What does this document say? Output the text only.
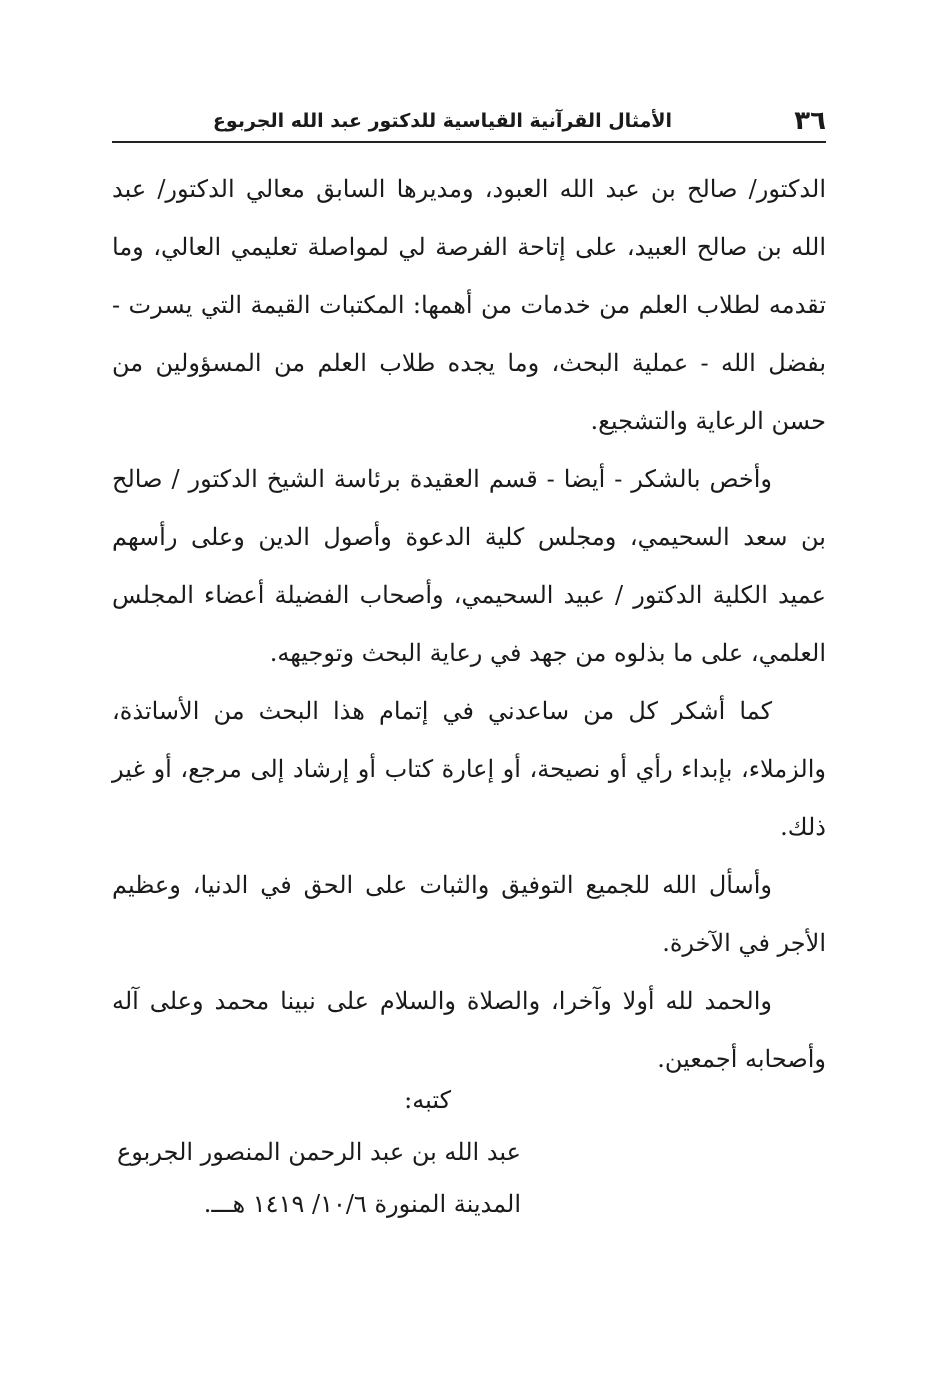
٣٦
الأمثال القرآنية القياسية للدكتور عبد الله الجربوع

الدكتور/ صالح بن عبد الله العبود، ومديرها السابق معالي الدكتور/ عبد الله بن صالح العبيد، على إتاحة الفرصة لي لمواصلة تعليمي العالي، وما تقدمه لطلاب العلم من خدمات من أهمها: المكتبات القيمة التي يسرت - بفضل الله - عملية البحث، وما يجده طلاب العلم من المسؤولين من حسن الرعاية والتشجيع.

وأخص بالشكر - أيضا - قسم العقيدة برئاسة الشيخ الدكتور / صالح بن سعد السحيمي، ومجلس كلية الدعوة وأصول الدين وعلى رأسهم عميد الكلية الدكتور / عبيد السحيمي، وأصحاب الفضيلة أعضاء المجلس العلمي، على ما بذلوه من جهد في رعاية البحث وتوجيهه.

كما أشكر كل من ساعدني في إتمام هذا البحث من الأساتذة، والزملاء، بإبداء رأي أو نصيحة، أو إعارة كتاب أو إرشاد إلى مرجع، أو غير ذلك.

وأسأل الله للجميع التوفيق والثبات على الحق في الدنيا، وعظيم الأجر في الآخرة.

والحمد لله أولا وآخرا، والصلاة والسلام على نبينا محمد وعلى آله وأصحابه أجمعين.

كتبه:
عبد الله بن عبد الرحمن المنصور الجربوع
المدينة المنورة ١٠/٦/ ١٤١٩ هـــ.
